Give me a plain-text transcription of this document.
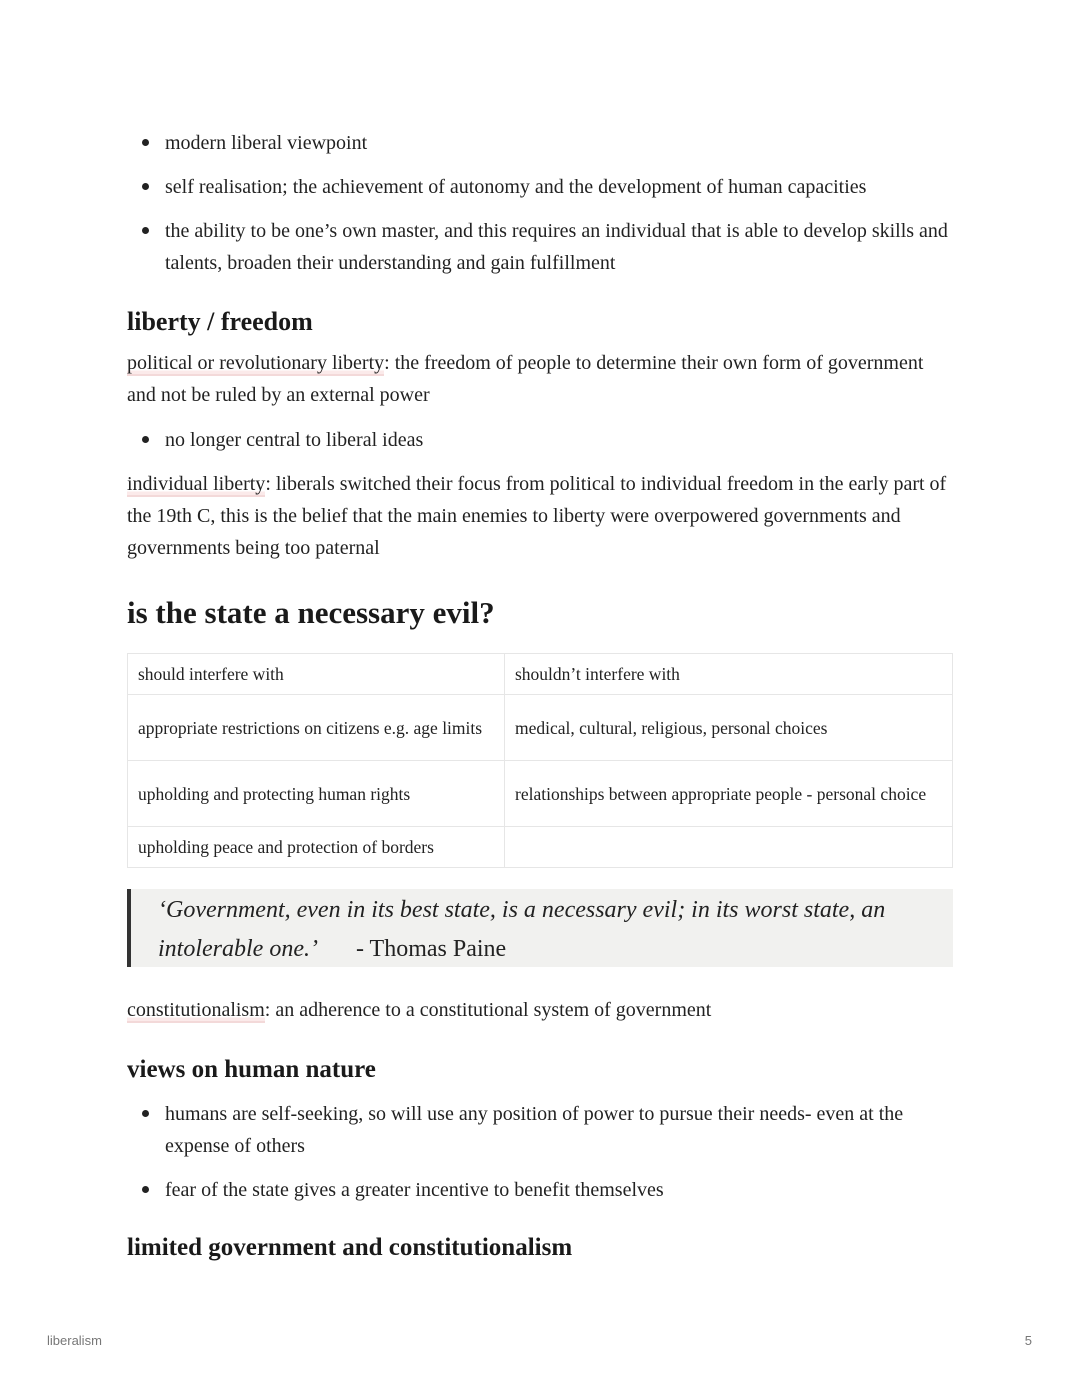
modern liberal viewpoint
self realisation; the achievement of autonomy and the development of human capacities
the ability to be one’s own master, and this requires an individual that is able to develop skills and talents, broaden their understanding and gain fulfillment
liberty / freedom
political or revolutionary liberty: the freedom of people to determine their own form of government and not be ruled by an external power
no longer central to liberal ideas
individual liberty: liberals switched their focus from political to individual freedom in the early part of the 19th C, this is the belief that the main enemies to liberty were overpowered governments and governments being too paternal
is the state a necessary evil?
should interfere with	shouldn’t interfere with
appropriate restrictions on citizens e.g. age limits	medical, cultural, religious, personal choices
upholding and protecting human rights	relationships between appropriate people - personal choice
upholding peace and protection of borders	
‘Government, even in its best state, is a necessary evil; in its worst state, an intolerable one.’ - Thomas Paine
constitutionalism: an adherence to a constitutional system of government
views on human nature
humans are self-seeking, so will use any position of power to pursue their needs- even at the expense of others
fear of the state gives a greater incentive to benefit themselves
limited government and constitutionalism
liberalism	5
